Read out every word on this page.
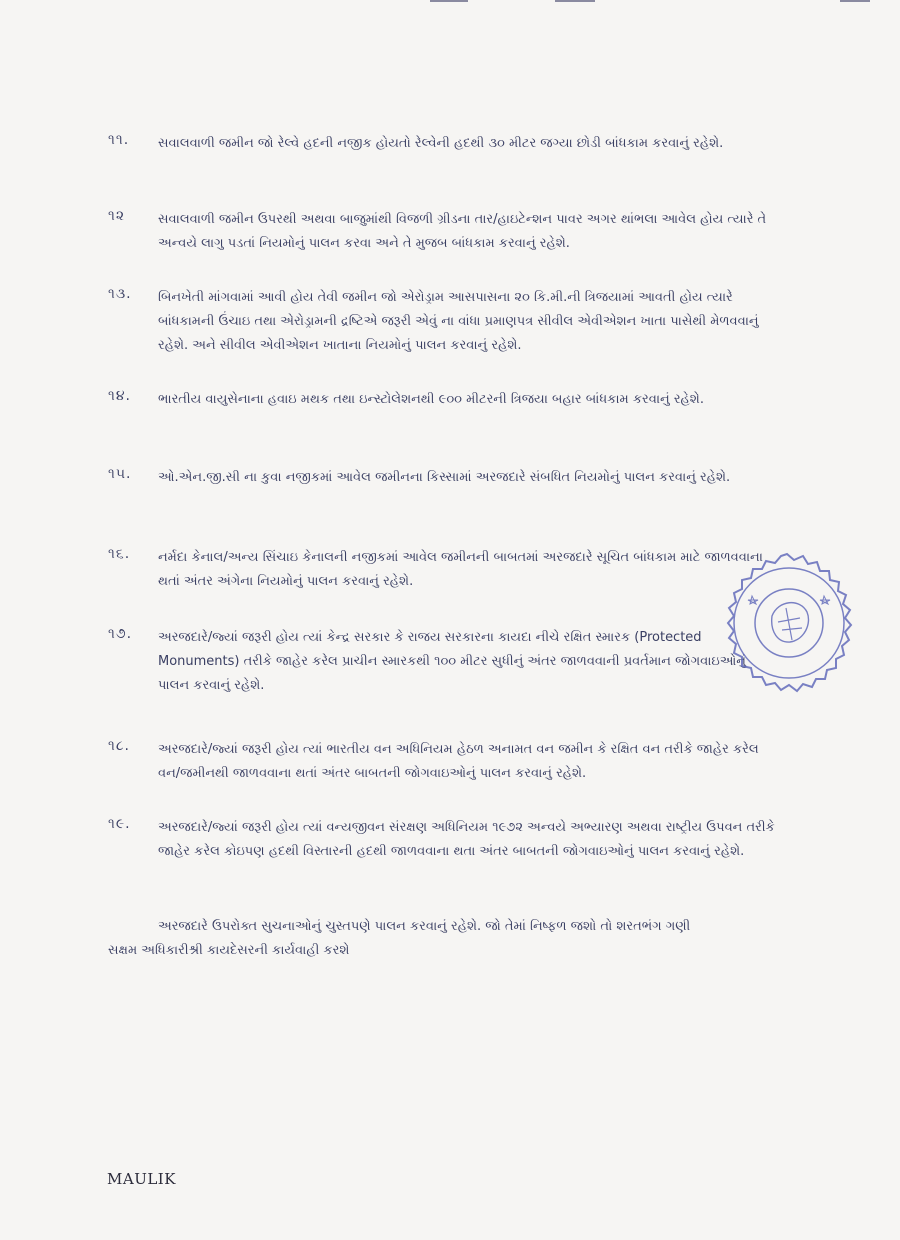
૧૧.	સવાલવાળી જમીન જો રેલ્વે હદની નજીક હોયતો રેલ્વેની હદથી ૩૦ મીટર જગ્યા છોડી બાંધકામ કરવાનું રહેશે.
૧૨	સવાલવાળી જમીન ઉપરથી અથવા બાજુમાંથી વિજળી ગ્રીડના તાર/હાઇટેન્શન પાવર અગર થાંભલા આવેલ હોય ત્યારે તે અન્વયે લાગુ પડતાં નિયમોનું પાલન કરવા અને તે મુજબ બાંધકામ કરવાનું રહેશે.
૧૩.	બિનખેતી માંગવામાં આવી હોય તેવી જમીન જો એરોડ્રામ આસપાસના ૨૦ કિ.મી.ની ત્રિજયામાં આવતી હોય ત્યારે બાંધકામની ઉંચાઇ તથા એરોડ્રામની દ્રષ્ટિએ જરૂરી એવું ના વાંધા પ્રમાણપત્ર સીવીલ એવીએશન ખાતા પાસેથી મેળવવાનું રહેશે. અને સીવીલ એવીએશન ખાતાના નિયમોનું પાલન કરવાનું રહેશે.
૧૪.	ભારતીય વાયુસેનાના હવાઇ મથક તથા ઇન્સ્ટોલેશનથી ૯૦૦ મીટરની ત્રિજયા બહાર બાંધકામ કરવાનું રહેશે.
૧૫.	ઓ.એન.જી.સી ના કુવા નજીકમાં આવેલ જમીનના કિસ્સામાં અરજદારે સંબધિત નિયમોનું પાલન કરવાનું રહેશે.
૧૬.	નર્મદા કેનાલ/અન્ય સિંચાઇ કેનાલની નજીકમાં આવેલ જમીનની બાબતમાં અરજદારે સૂચિત બાંધકામ માટે જાળવવાના થતાં અંતર અંગેના નિયમોનું પાલન કરવાનું રહેશે.
૧૭.	અરજદારે/જ્યાં જરૂરી હોય ત્યાં કેન્દ્ર સરકાર કે રાજય સરકારના કાયદા નીચે રક્ષિત સ્મારક (Protected Monuments) તરીકે જાહેર કરેલ પ્રાચીન સ્મારકથી ૧૦૦ મીટર સુધીનું અંતર જાળવવાની પ્રવર્તમાન જોગવાઇઓનું પાલન કરવાનું રહેશે.
૧૮.	અરજદારે/જ્યાં જરૂરી હોય ત્યાં ભારતીય વન અધિનિયમ હેઠળ અનામત વન જમીન કે રક્ષિત વન તરીકે જાહેર કરેલ વન/જમીનથી જાળવવાના થતાં અંતર બાબતની જોગવાઇઓનું પાલન કરવાનું રહેશે.
૧૯.	અરજદારે/જ્યાં જરૂરી હોય ત્યાં વન્યજીવન સંરક્ષણ અધિનિયમ ૧૯૭૨ અન્વયે અભ્યારણ અથવા રાષ્ટ્રીય ઉપવન તરીકે જાહેર કરેલ કોઇપણ હદથી વિસ્તારની હદથી જાળવવાના થતા અંતર બાબતની જોગવાઇઓનું પાલન કરવાનું રહેશે.
અરજદારે ઉપરોક્ત સુચનાઓનું ચુસ્તપણે પાલન કરવાનું રહેશે. જો તેમાં નિષ્ફળ જશો તો શરતભંગ ગણી
સક્ષમ અધિકારીશ્રી કાયદેસરની કાર્યવાહી કરશે
MAULIK
